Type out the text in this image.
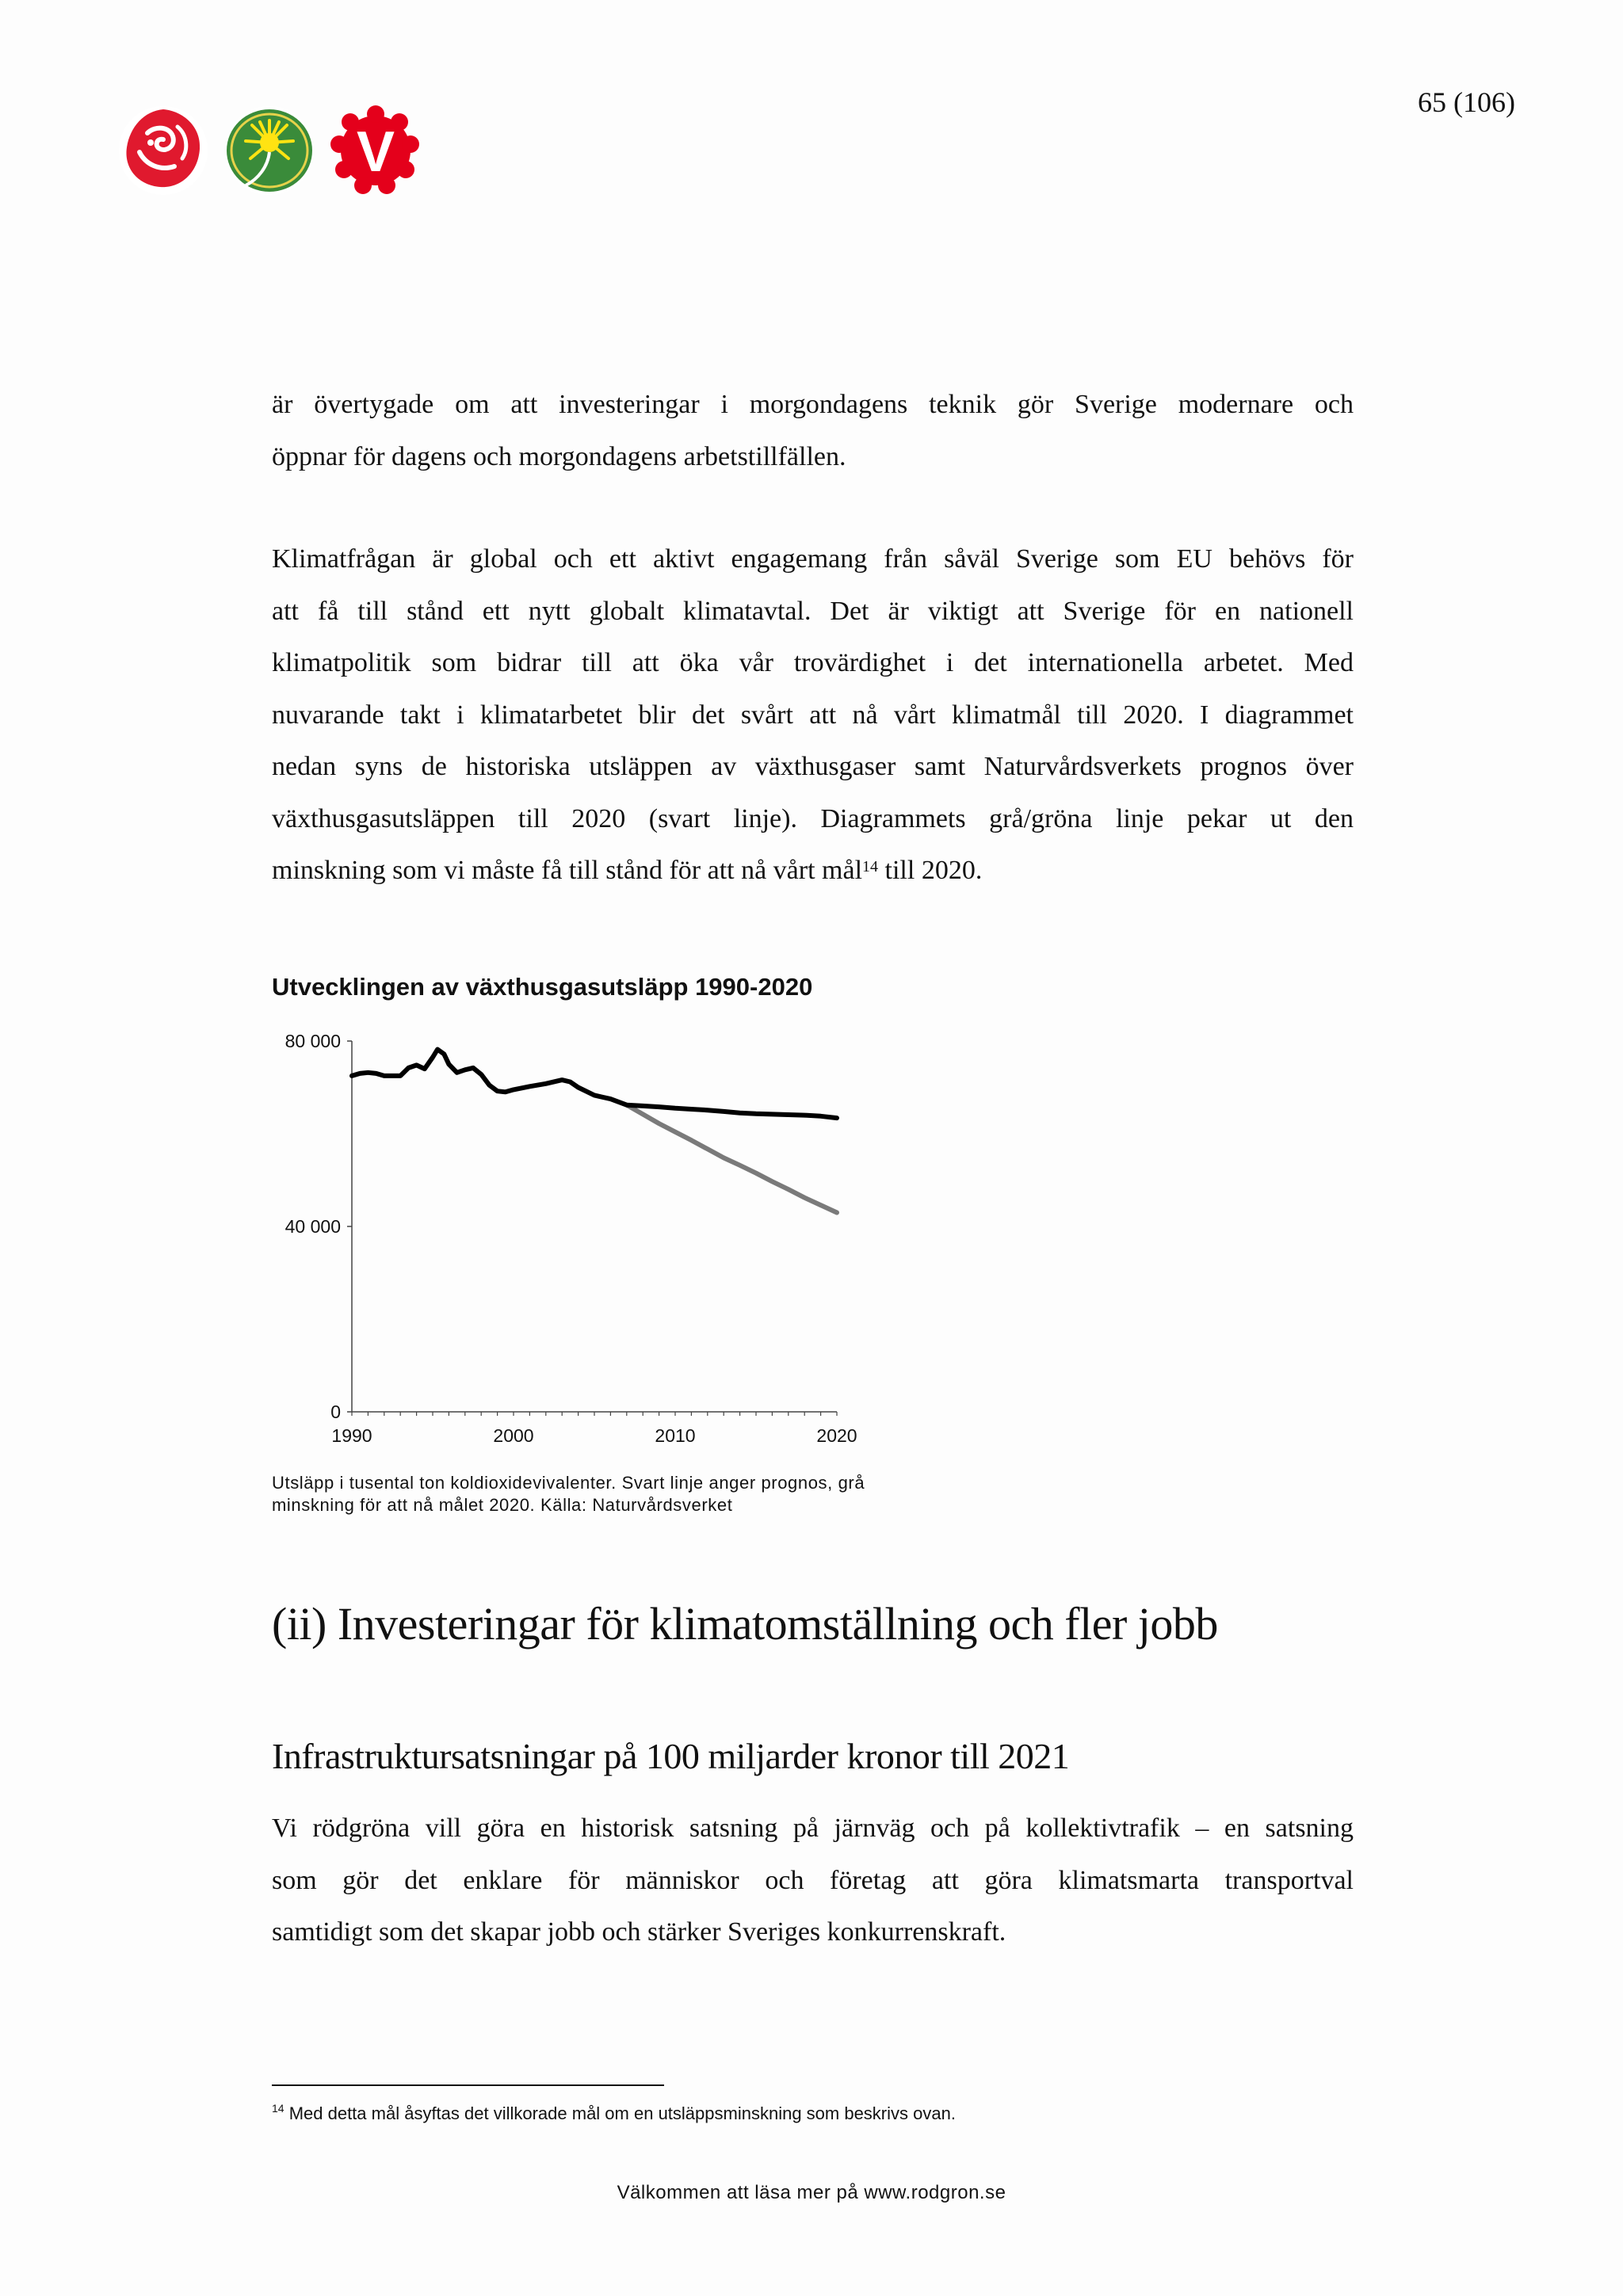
65 (106)
V
är övertygade om att investeringar i morgondagens teknik gör Sverige modernare och
öppnar för dagens och morgondagens arbetstillfällen.
Klimatfrågan är global och ett aktivt engagemang från såväl Sverige som EU behövs för
att få till stånd ett nytt globalt klimatavtal. Det är viktigt att Sverige för en nationell
klimatpolitik som bidrar till att öka vår trovärdighet i det internationella arbetet. Med
nuvarande takt i klimatarbetet blir det svårt att nå vårt klimatmål till 2020. I diagrammet
nedan syns de historiska utsläppen av växthusgaser samt Naturvårdsverkets prognos över
växthusgasutsläppen till 2020 (svart linje). Diagrammets grå/gröna linje pekar ut den
minskning som vi måste få till stånd för att nå vårt mål$^{14}$ till 2020.
Utvecklingen av växthusgasutsläpp 1990-2020
0
40 000
80 000
1990	2000	2010	2020
Utsläpp i tusental ton koldioxidevivalenter. Svart linje anger prognos, grå
minskning för att nå målet 2020. Källa: Naturvårdsverket
(ii) Investeringar för klimatomställning och fler jobb
Infrastruktursatsningar på 100 miljarder kronor till 2021
Vi rödgröna vill göra en historisk satsning på järnväg och på kollektivtrafik – en satsning
som gör det enklare för människor och företag att göra klimatsmarta transportval
samtidigt som det skapar jobb och stärker Sveriges konkurrenskraft.
$^{14}$ Med detta mål åsyftas det villkorade mål om en utsläppsminskning som beskrivs ovan.
Välkommen att läsa mer på www.rodgron.se
